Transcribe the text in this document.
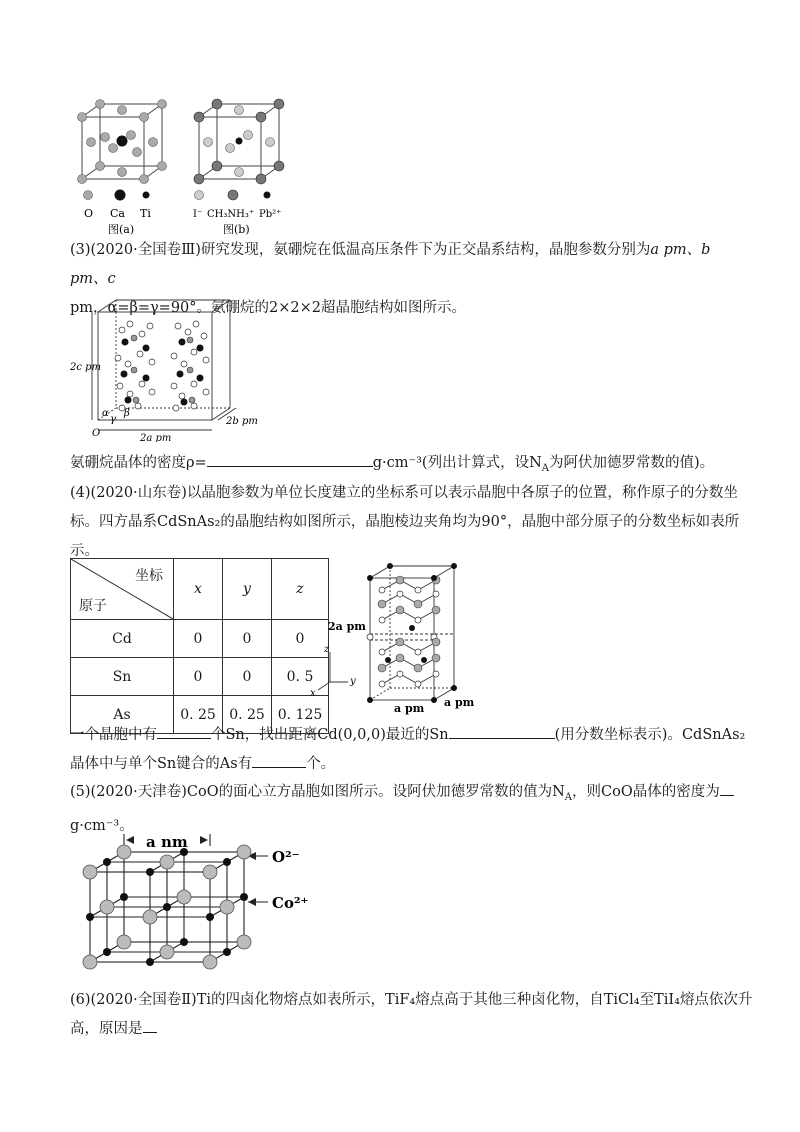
O Ca Ti
图(a)
I⁻ CH₃NH₃⁺ Pb²⁺
图(b)
(3)(2020·全国卷Ⅲ)研究发现，氨硼烷在低温高压条件下为正交晶系结构，晶胞参数分别为a pm、b pm、c
pm，α=β=γ=90°。氨硼烷的2×2×2超晶胞结构如图所示。
2c pm
2a pm
2b pm
O
α
γ
β
氨硼烷晶体的密度ρ=	g·cm⁻³(列出计算式，设$N_A$为阿伏加德罗常数的值)。
(4)(2020·山东卷)以晶胞参数为单位长度建立的坐标系可以表示晶胞中各原子的位置，称作原子的分数坐
标。四方晶系CdSnAs₂的晶胞结构如图所示，晶胞棱边夹角均为90°，晶胞中部分原子的分数坐标如表所
示。
坐标
原子	x	y	z
Cd	0	0	0
Sn	0	0	0. 5
As	0. 25	0. 25	0. 125
2a pm
a pm a pm
z
y
x
一个晶胞中有	个Sn，找出距离Cd(0,0,0)最近的Sn	(用分数坐标表示)。CdSnAs₂
晶体中与单个Sn键合的As有	个。
(5)(2020·天津卷)CoO的面心立方晶胞如图所示。设阿伏加德罗常数的值为$N_A$，则CoO晶体的密度为
g·cm⁻³。
a nm
O²⁻
Co²⁺
(6)(2020·全国卷Ⅱ)Ti的四卤化物熔点如表所示，TiF₄熔点高于其他三种卤化物，自TiCl₄至TiI₄熔点依次升
高，原因是
